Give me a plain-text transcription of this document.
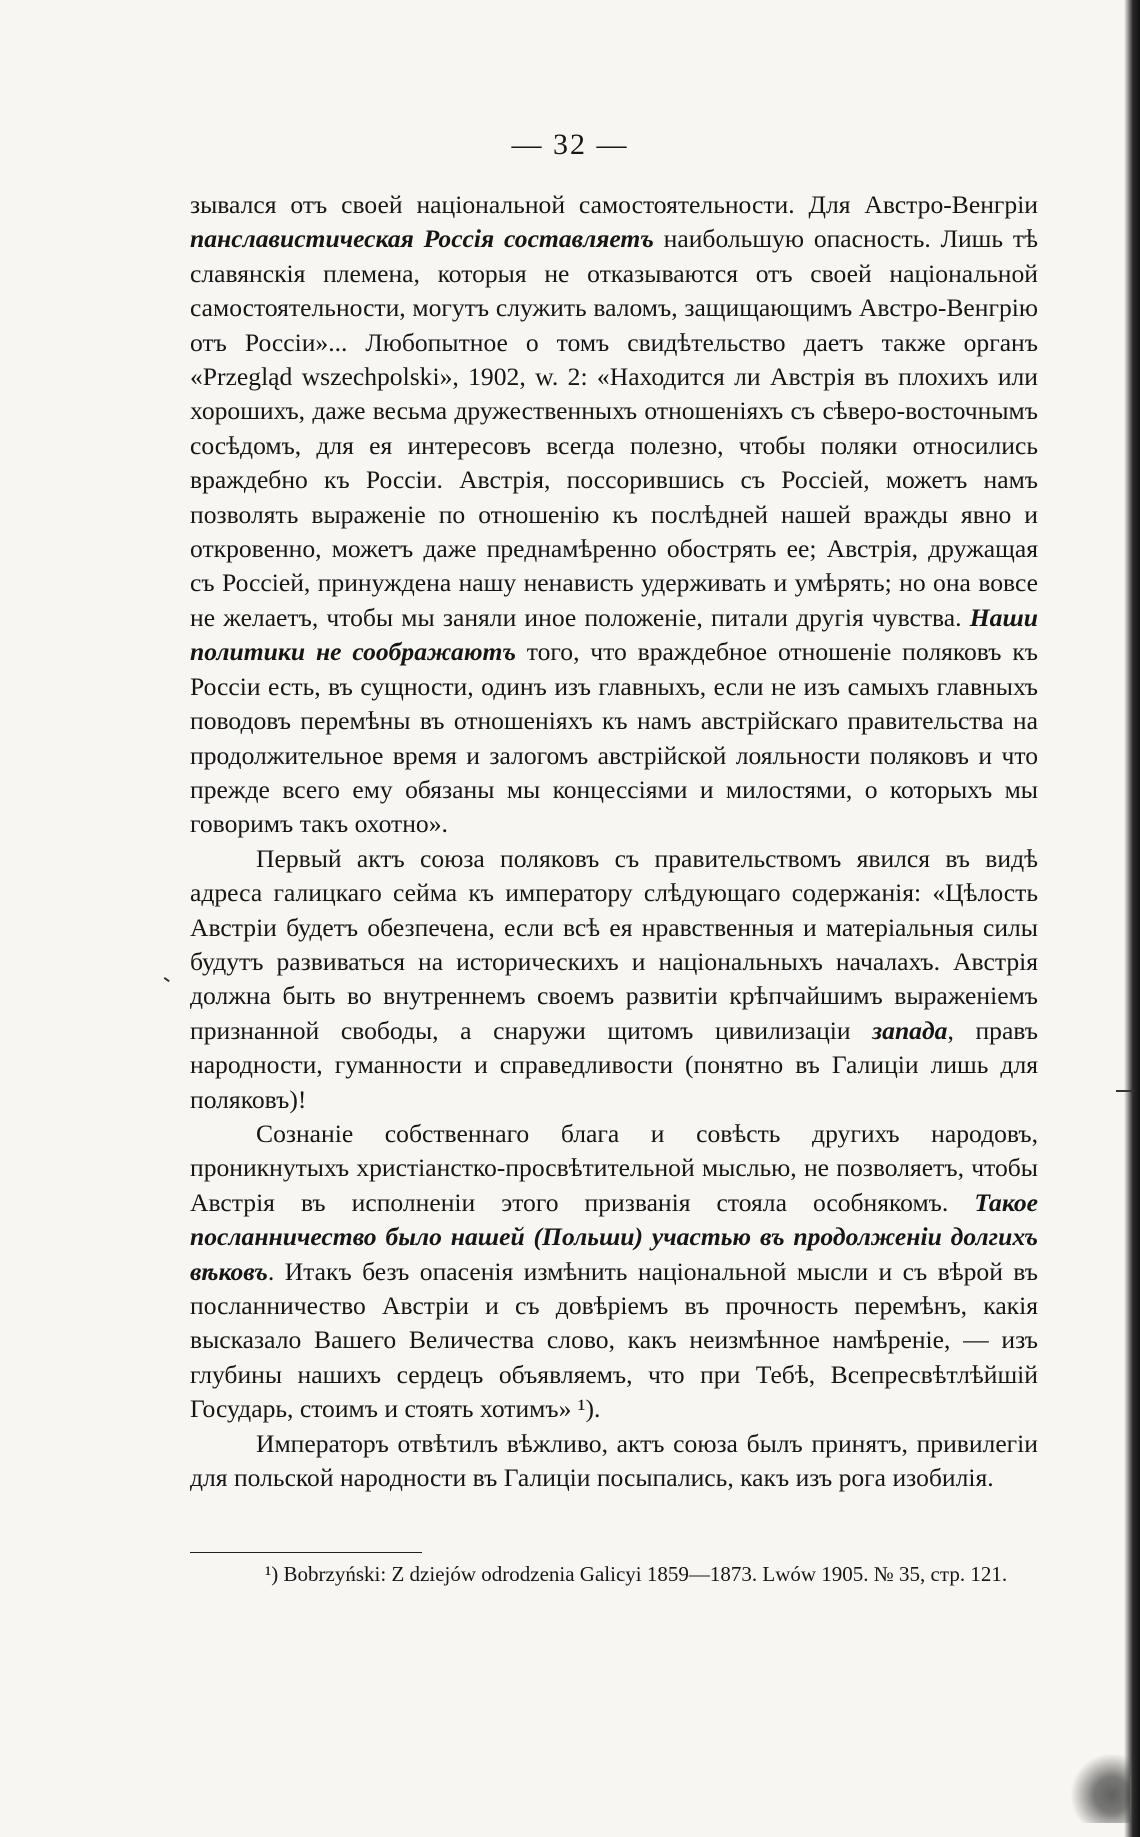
— 32 —

зывался отъ своей національной самостоятельности. Для Австро-Венгріи панславистическая Россія составляетъ наибольшую опасность. Лишь тѣ славянскія племена, которыя не отказываются отъ своей національной самостоятельности, могутъ служить валомъ, защищающимъ Австро-Венгрію отъ Россіи»... Любопытное о томъ свидѣтельство даетъ также органъ «Przegląd wszechpolski», 1902, w. 2: «Находится ли Австрія въ плохихъ или хорошихъ, даже весьма дружественныхъ отношеніяхъ съ сѣверо-восточнымъ сосѣдомъ, для ея интересовъ всегда полезно, чтобы поляки относились враждебно къ Россіи. Австрія, поссорившись съ Россіей, можетъ намъ позволять выраженіе по отношенію къ послѣдней нашей вражды явно и откровенно, можетъ даже преднамѣренно обострять ее; Австрія, дружащая съ Россіей, принуждена нашу ненависть удерживать и умѣрять; но она вовсе не желаетъ, чтобы мы заняли иное положеніе, питали другія чувства. Наши политики не соображаютъ того, что враждебное отношеніе поляковъ къ Россіи есть, въ сущности, одинъ изъ главныхъ, если не изъ самыхъ главныхъ поводовъ перемѣны въ отношеніяхъ къ намъ австрійскаго правительства на продолжительное время и залогомъ австрійской лояльности поляковъ и что прежде всего ему обязаны мы концессіями и милостями, о которыхъ мы говоримъ такъ охотно».

Первый актъ союза поляковъ съ правительствомъ явился въ видѣ адреса галицкаго сейма къ императору слѣдующаго содержанія: «Цѣлость Австріи будетъ обезпечена, если всѣ ея нравственныя и матеріальныя силы будутъ развиваться на историческихъ и національныхъ началахъ. Австрія должна быть во внутреннемъ своемъ развитіи крѣпчайшимъ выраженіемъ признанной свободы, а снаружи щитомъ цивилизаціи запада, правъ народности, гуманности и справедливости (понятно въ Галиціи лишь для поляковъ)!

Сознаніе собственнаго блага и совѣсть другихъ народовъ, проникнутыхъ христіанстко-просвѣтительной мыслью, не позволяетъ, чтобы Австрія въ исполненіи этого призванія стояла особнякомъ. Такое посланничество было нашей (Польши) участью въ продолженіи долгихъ вѣковъ. Итакъ безъ опасенія измѣнить національной мысли и съ вѣрой въ посланничество Австріи и съ довѣріемъ въ прочность перемѣнъ, какія высказало Вашего Величества слово, какъ неизмѣнное намѣреніе, — изъ глубины нашихъ сердецъ объявляемъ, что при Тебѣ, Всепресвѣтлѣйшій Государь, стоимъ и стоять хотимъ» ¹).

Императоръ отвѣтилъ вѣжливо, актъ союза былъ принятъ, привилегіи для польской народности въ Галиціи посыпались, какъ изъ рога изобилія.

¹) Bobrzyński: Z dziejów odrodzenia Galicyi 1859—1873. Lwów 1905. № 35, стр. 121.
